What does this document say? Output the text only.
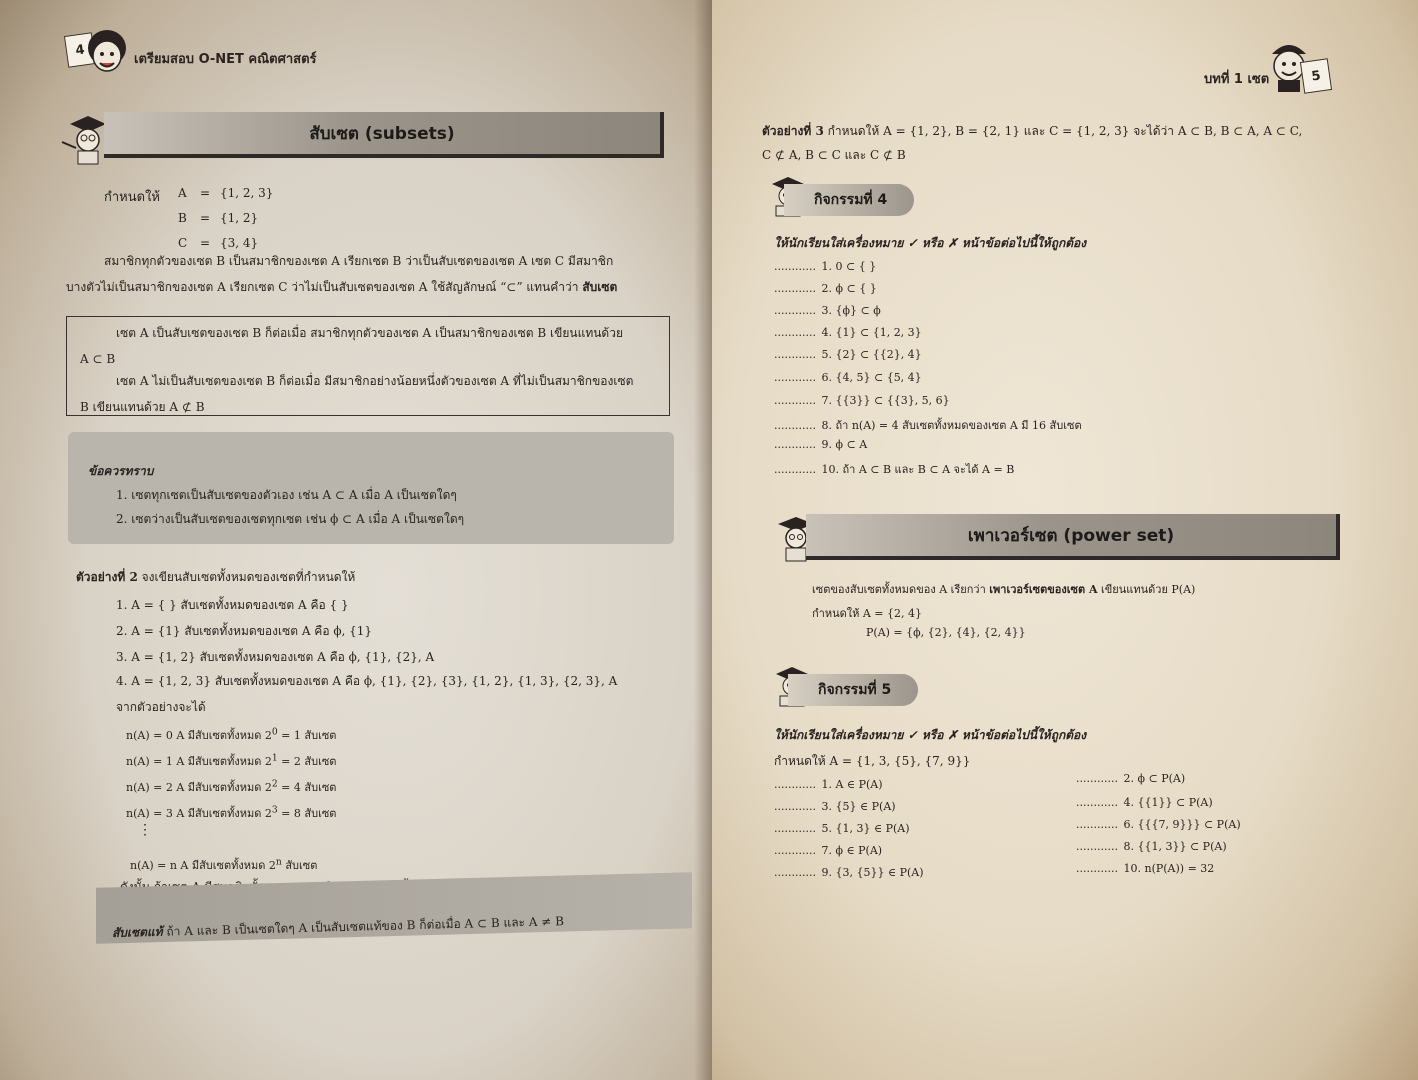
4
เตรียมสอบ O-NET คณิตศาสตร์
สับเซต (subsets)
กำหนดให้ A = {1, 2, 3}
B = {1, 2}
C = {3, 4}
สมาชิกทุกตัวของเซต B เป็นสมาชิกของเซต A เรียกเซต B ว่าเป็นสับเซตของเซต A เซต C มีสมาชิก
บางตัวไม่เป็นสมาชิกของเซต A เรียกเซต C ว่าไม่เป็นสับเซตของเซต A ใช้สัญลักษณ์ “⊂” แทนคำว่า สับเซต
เซต A เป็นสับเซตของเซต B ก็ต่อเมื่อ สมาชิกทุกตัวของเซต A เป็นสมาชิกของเซต B เขียนแทนด้วย
A ⊂ B
เซต A ไม่เป็นสับเซตของเซต B ก็ต่อเมื่อ มีสมาชิกอย่างน้อยหนึ่งตัวของเซต A ที่ไม่เป็นสมาชิกของเซต
B เขียนแทนด้วย A ⊄ B
ข้อควรทราบ
1. เซตทุกเซตเป็นสับเซตของตัวเอง เช่น A ⊂ A เมื่อ A เป็นเซตใดๆ
2. เซตว่างเป็นสับเซตของเซตทุกเซต เช่น ϕ ⊂ A เมื่อ A เป็นเซตใดๆ
ตัวอย่างที่ 2 จงเขียนสับเซตทั้งหมดของเซตที่กำหนดให้
1. A = { } สับเซตทั้งหมดของเซต A คือ { }
2. A = {1} สับเซตทั้งหมดของเซต A คือ ϕ, {1}
3. A = {1, 2} สับเซตทั้งหมดของเซต A คือ ϕ, {1}, {2}, A
4. A = {1, 2, 3} สับเซตทั้งหมดของเซต A คือ ϕ, {1}, {2}, {3}, {1, 2}, {1, 3}, {2, 3}, A
จากตัวอย่างจะได้
n(A) = 0 A มีสับเซตทั้งหมด $2^0 = 1$ สับเซต
n(A) = 1 A มีสับเซตทั้งหมด $2^1 = 2$ สับเซต
n(A) = 2 A มีสับเซตทั้งหมด $2^2 = 4$ สับเซต
n(A) = 3 A มีสับเซตทั้งหมด $2^3 = 8$ สับเซต
⋮
n(A) = n A มีสับเซตทั้งหมด 2$^n$ สับเซต
สับเซตแท้ ถ้า A และ B เป็นเซตใดๆ A เป็นสับเซตแท้ของ B ก็ต่อเมื่อ A ⊂ B และ A ≠ B
บทที่ 1 เซต	5
ตัวอย่างที่ 3 กำหนดให้ A = {1, 2}, B = {2, 1} และ C = {1, 2, 3} จะได้ว่า A ⊂ B, B ⊂ A, A ⊂ C,
C ⊄ A, B ⊂ C และ C ⊄ B
กิจกรรมที่ 4
ให้นักเรียนใส่เครื่องหมาย ✓ หรือ ✗ หน้าข้อต่อไปนี้ให้ถูกต้อง
............ 1. 0 ⊂ { }
............ 2. ϕ ⊂ { }
............ 3. {ϕ} ⊂ ϕ
............ 4. {1} ⊂ {1, 2, 3}
............ 5. {2} ⊂ {{2}, 4}
............ 6. {4, 5} ⊂ {5, 4}
............ 7. {{3}} ⊂ {{3}, 5, 6}
............ 8. ถ้า n(A) = 4 สับเซตทั้งหมดของเซต A มี 16 สับเซต
............ 9. ϕ ⊂ A
............ 10. ถ้า A ⊂ B และ B ⊂ A จะได้ A = B
เพาเวอร์เซต (power set)
เซตของสับเซตทั้งหมดของ A เรียกว่า เพาเวอร์เซตของเซต A เขียนแทนด้วย P(A)
กำหนดให้ A = {2, 4}
P(A) = {ϕ, {2}, {4}, {2, 4}}
กิจกรรมที่ 5
ให้นักเรียนใส่เครื่องหมาย ✓ หรือ ✗ หน้าข้อต่อไปนี้ให้ถูกต้อง
กำหนดให้ A = {1, 3, {5}, {7, 9}}
............ 1. A ∈ P(A)
............ 3. {5} ∈ P(A)
............ 5. {1, 3} ∈ P(A)
............ 7. ϕ ∈ P(A)
............ 9. {3, {5}} ∈ P(A)
............ 2. ϕ ⊂ P(A)
............ 4. {{1}} ⊂ P(A)
............ 6. {{{7, 9}}} ⊂ P(A)
............ 8. {{1, 3}} ⊂ P(A)
............ 10. n(P(A)) = 32
